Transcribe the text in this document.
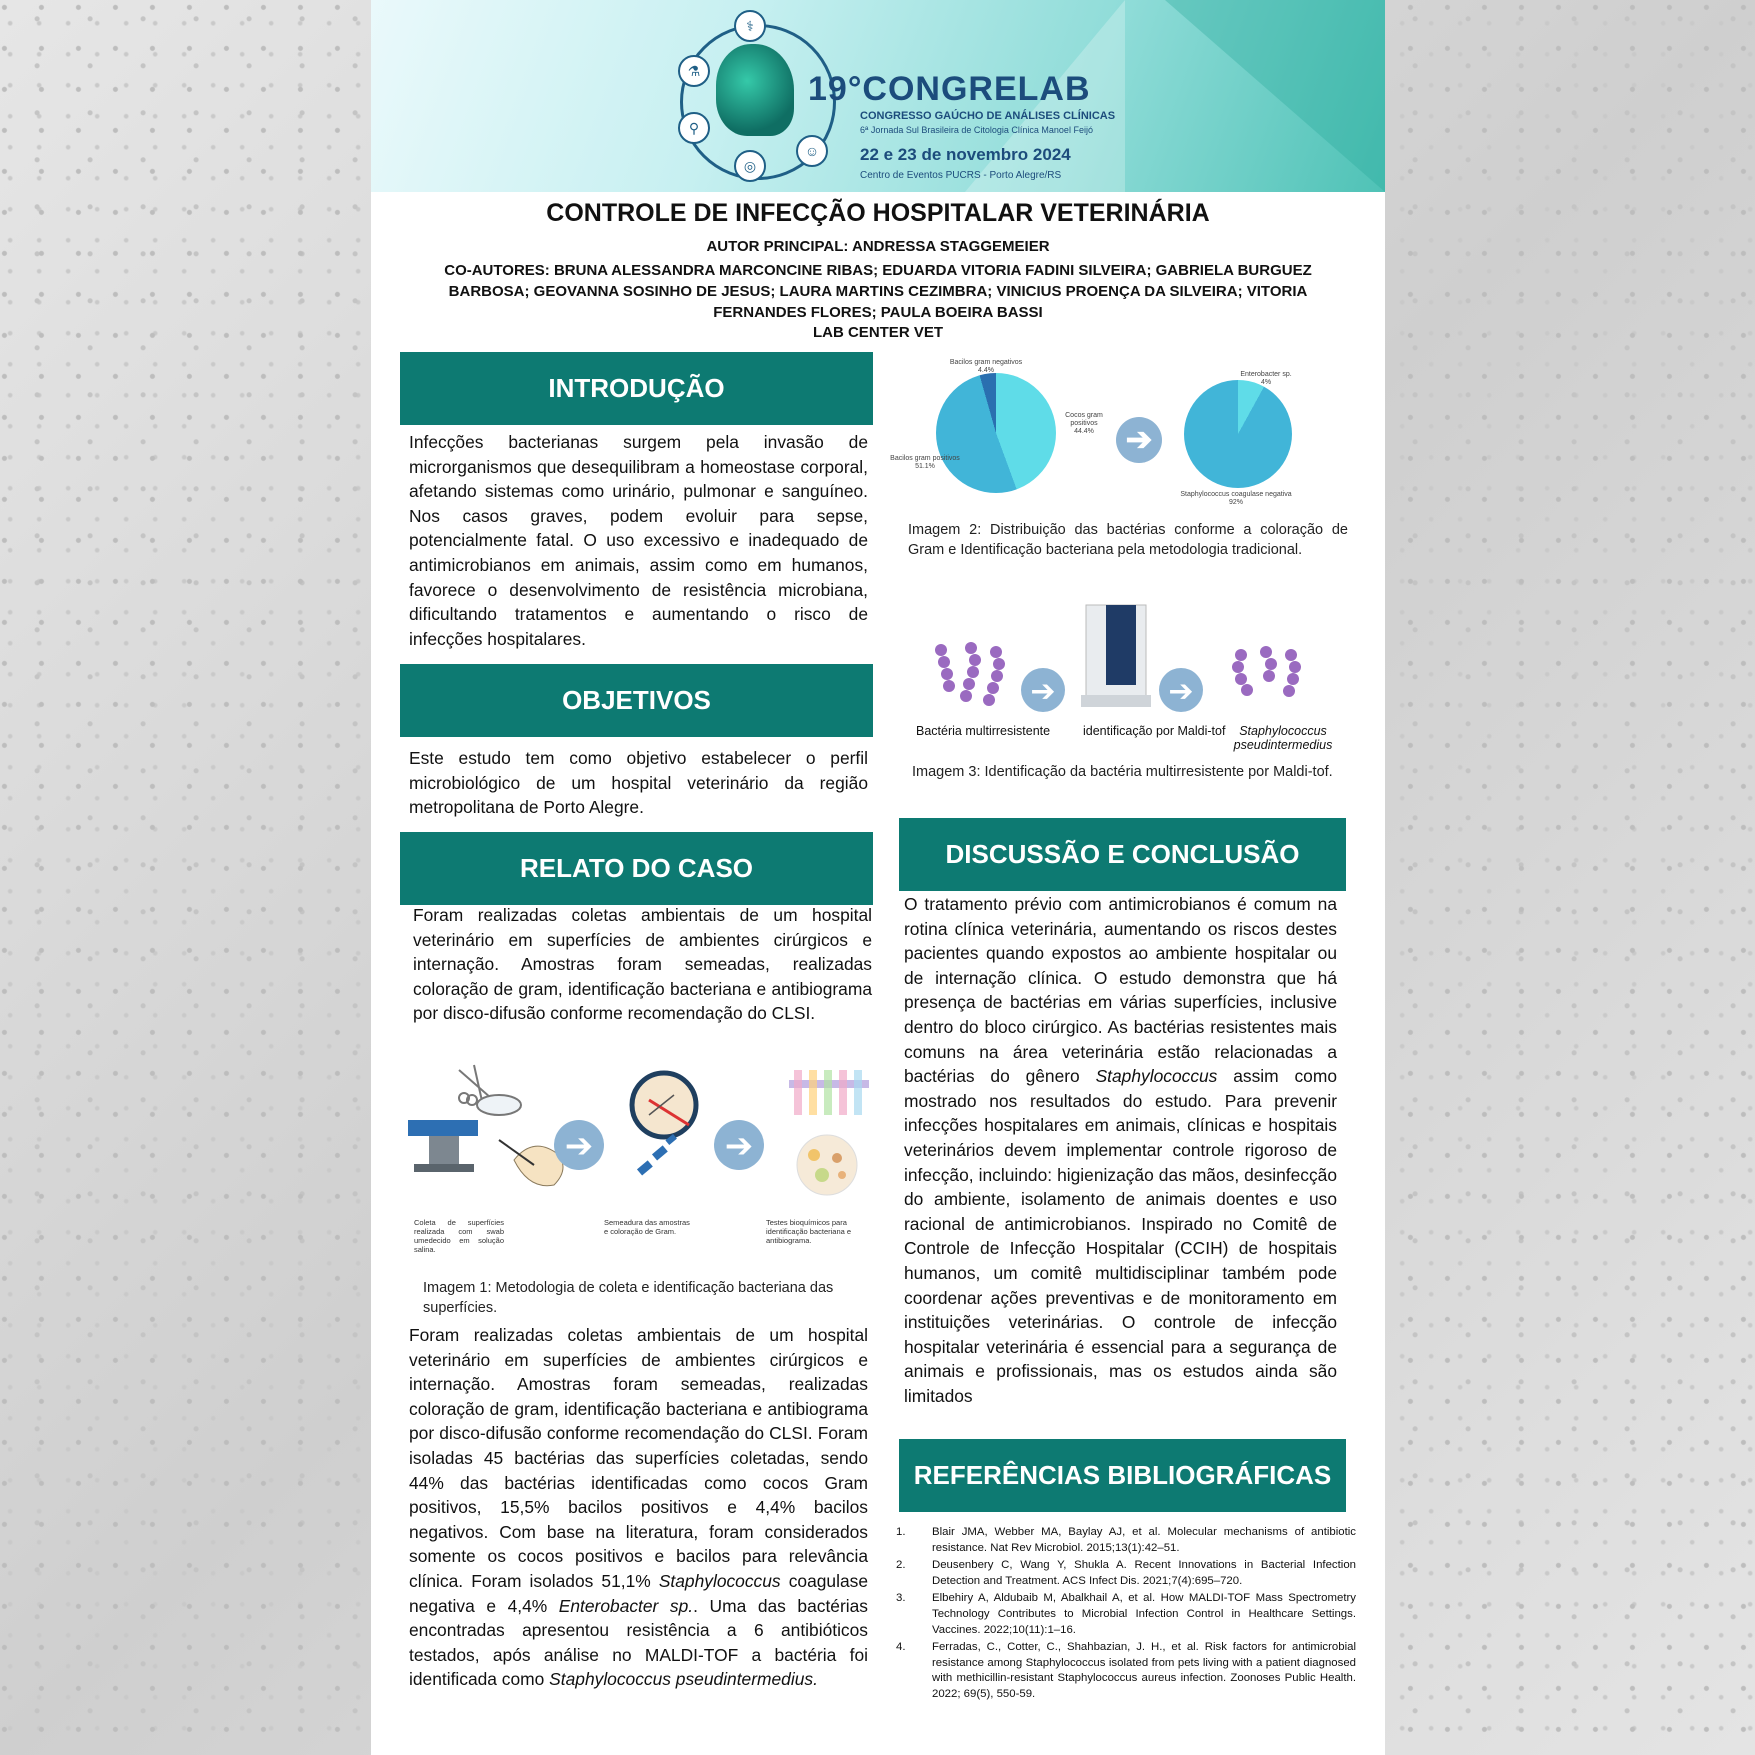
⚕
⚗
⚲
◎
☺
19°CONGRELAB
CONGRESSO GAÚCHO DE ANÁLISES CLÍNICAS
6ª Jornada Sul Brasileira de Citologia Clínica Manoel Feijó
22 e 23 de novembro 2024
Centro de Eventos PUCRS - Porto Alegre/RS
CONTROLE DE INFECÇÃO HOSPITALAR VETERINÁRIA
AUTOR PRINCIPAL: ANDRESSA STAGGEMEIER
CO-AUTORES: BRUNA ALESSANDRA MARCONCINE RIBAS; EDUARDA VITORIA FADINI SILVEIRA; GABRIELA BURGUEZ BARBOSA; GEOVANNA SOSINHO DE JESUS; LAURA MARTINS CEZIMBRA; VINICIUS PROENÇA DA SILVEIRA; VITORIA FERNANDES FLORES; PAULA BOEIRA BASSI
LAB CENTER VET
INTRODUÇÃO
Infecções bacterianas surgem pela invasão de microrganismos que desequilibram a homeostase corporal, afetando sistemas como urinário, pulmonar e sanguíneo. Nos casos graves, podem evoluir para sepse, potencialmente fatal. O uso excessivo e inadequado de antimicrobianos em animais, assim como em humanos, favorece o desenvolvimento de resistência microbiana, dificultando tratamentos e aumentando o risco de infecções hospitalares.
OBJETIVOS
Este estudo tem como objetivo estabelecer o perfil microbiológico de um hospital veterinário da região metropolitana de Porto Alegre.
RELATO DO CASO
Foram realizadas coletas ambientais de um hospital veterinário em superfícies de ambientes cirúrgicos e internação. Amostras foram semeadas, realizadas coloração de gram, identificação bacteriana e antibiograma por disco-difusão conforme recomendação do CLSI.
➔	➔
Coleta de superfícies realizada com swab umedecido em solução salina.
Semeadura das amostras e coloração de Gram.
Testes bioquímicos para identificação bacteriana e antibiograma.
Imagem 1: Metodologia de coleta e identificação bacteriana das superfícies.
Foram realizadas coletas ambientais de um hospital veterinário em superfícies de ambientes cirúrgicos e internação. Amostras foram semeadas, realizadas coloração de gram, identificação bacteriana e antibiograma por disco-difusão conforme recomendação do CLSI. Foram isoladas 45 bactérias das superfícies coletadas, sendo 44% das bactérias identificadas como cocos Gram positivos, 15,5% bacilos positivos e 4,4% bacilos negativos. Com base na literatura, foram considerados somente os cocos positivos e bacilos para relevância clínica. Foram isolados 51,1% Staphylococcus coagulase negativa e 4,4% Enterobacter sp.. Uma das bactérias encontradas apresentou resistência a 6 antibióticos testados, após análise no MALDI-TOF a bactéria foi identificada como Staphylococcus pseudintermedius.
Bacilos gram negativos
4.4%
Cocos gram positivos
44.4%
Bacilos gram positivos
51.1%
➔
Enterobacter sp.
4%
Staphylococcus coagulase negativa
92%
Imagem 2: Distribuição das bactérias conforme a coloração de Gram e Identificação bacteriana pela metodologia tradicional.
➔	➔
Bactéria multirresistente	identificação por Maldi-tof	Staphylococcus
pseudintermedius
Imagem 3: Identificação da bactéria multirresistente por Maldi-tof.
DISCUSSÃO E CONCLUSÃO
O tratamento prévio com antimicrobianos é comum na rotina clínica veterinária, aumentando os riscos destes pacientes quando expostos ao ambiente hospitalar ou de internação clínica. O estudo demonstra que há presença de bactérias em várias superfícies, inclusive dentro do bloco cirúrgico. As bactérias resistentes mais comuns na área veterinária estão relacionadas a bactérias do gênero Staphylococcus assim como mostrado nos resultados do estudo. Para prevenir infecções hospitalares em animais, clínicas e hospitais veterinários devem implementar controle rigoroso de infecção, incluindo: higienização das mãos, desinfecção do ambiente, isolamento de animais doentes e uso racional de antimicrobianos. Inspirado no Comitê de Controle de Infecção Hospitalar (CCIH) de hospitais humanos, um comitê multidisciplinar também pode coordenar ações preventivas e de monitoramento em instituições veterinárias. O controle de infecção hospitalar veterinária é essencial para a segurança de animais e profissionais, mas os estudos ainda são limitados
REFERÊNCIAS BIBLIOGRÁFICAS
1.	Blair JMA, Webber MA, Baylay AJ, et al. Molecular mechanisms of antibiotic resistance. Nat Rev Microbiol. 2015;13(1):42–51.
2.	Deusenbery C, Wang Y, Shukla A. Recent Innovations in Bacterial Infection Detection and Treatment. ACS Infect Dis. 2021;7(4):695–720.
3.	Elbehiry A, Aldubaib M, Abalkhail A, et al. How MALDI-TOF Mass Spectrometry Technology Contributes to Microbial Infection Control in Healthcare Settings. Vaccines. 2022;10(11):1–16.
4.	Ferradas, C., Cotter, C., Shahbazian, J. H., et al. Risk factors for antimicrobial resistance among Staphylococcus isolated from pets living with a patient diagnosed with methicillin-resistant Staphylococcus aureus infection. Zoonoses Public Health. 2022; 69(5), 550-59.
